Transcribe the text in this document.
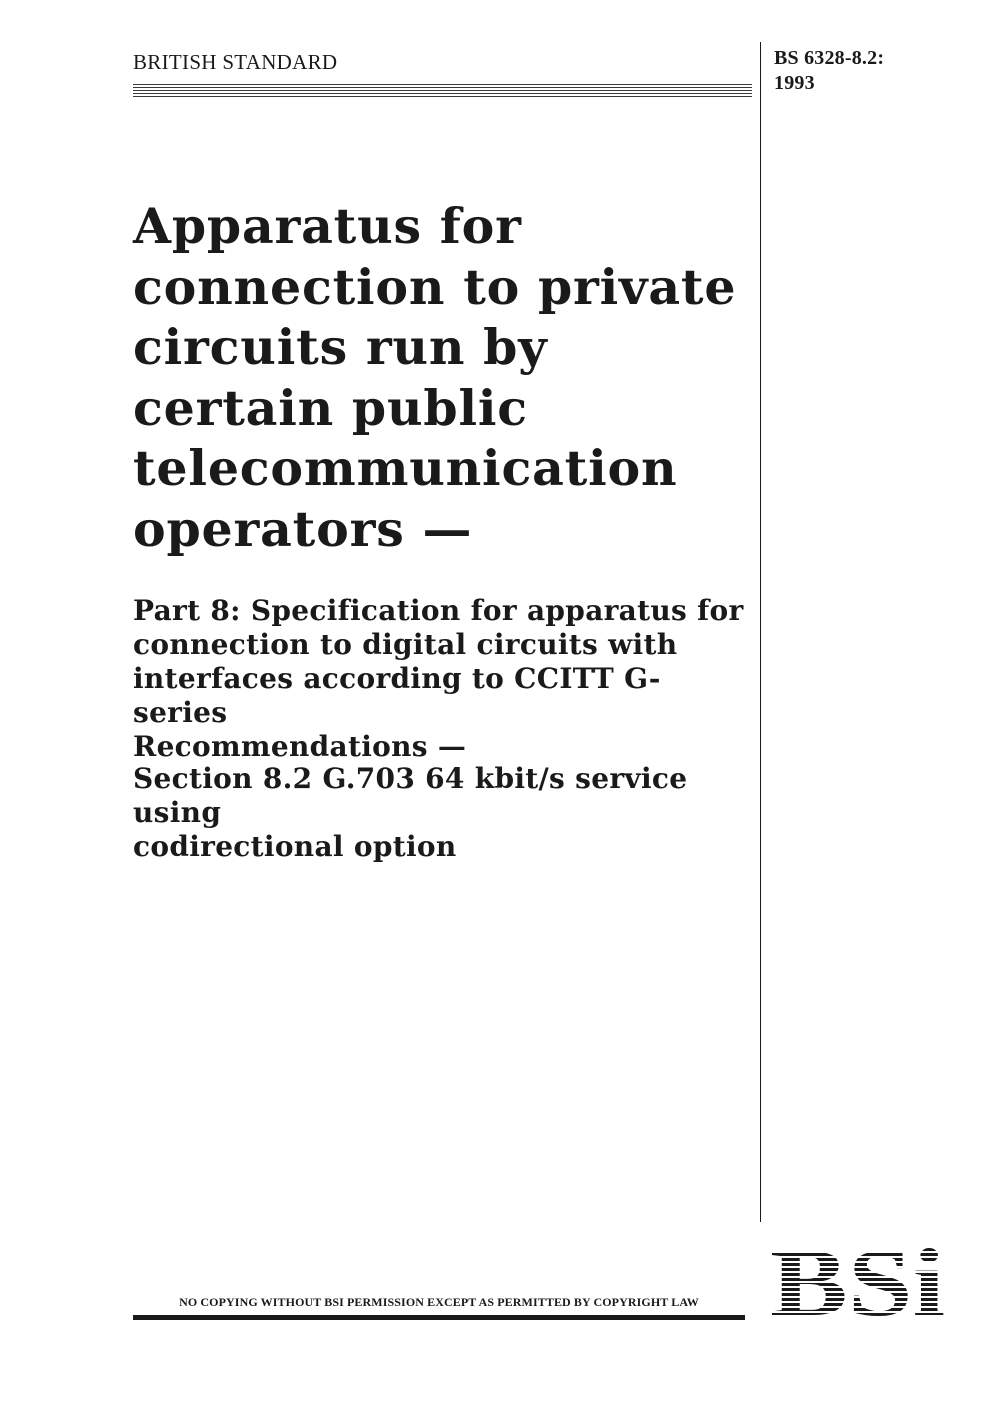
BRITISH STANDARD	BS 6328-8.2:
1993
Apparatus for
connection to private
circuits run by
certain public
telecommunication
operators —
Part 8: Specification for apparatus for
connection to digital circuits with
interfaces according to CCITT G-series
Recommendations —
Section 8.2 G.703 64 kbit/s service using
codirectional option
NO COPYING WITHOUT BSI PERMISSION EXCEPT AS PERMITTED BY COPYRIGHT LAW
